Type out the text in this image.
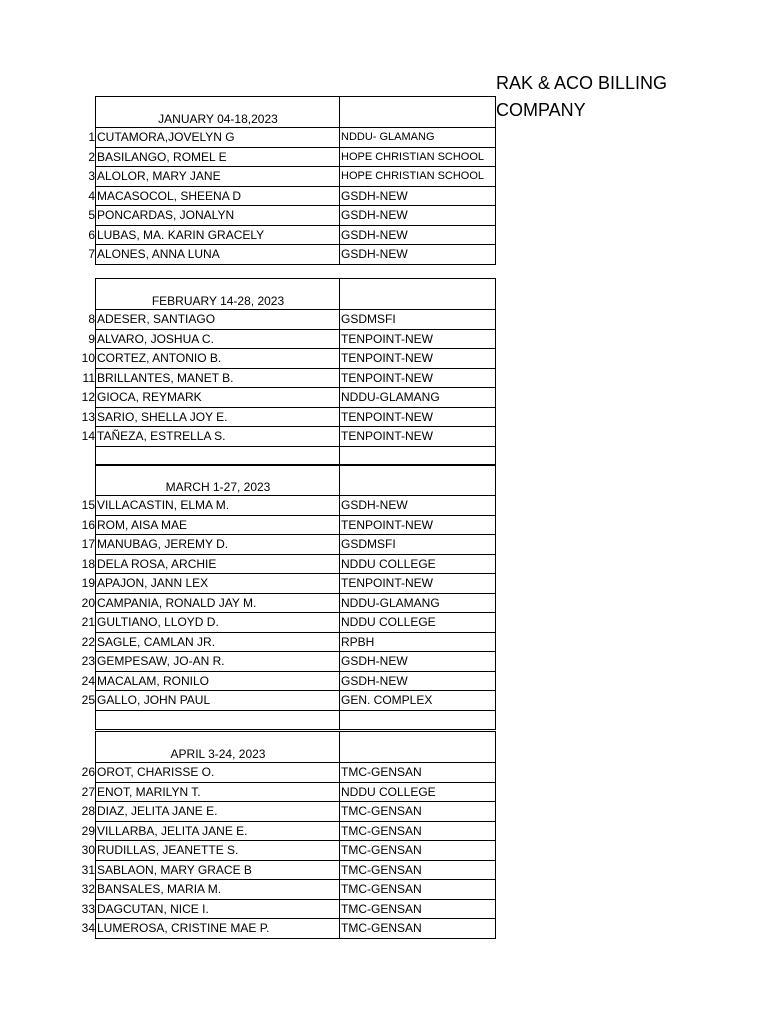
RAK & ACO BILLING
COMPANY
JANUARY 04-18,2023
1 CUTAMORA,JOVELYN G	NDDU- GLAMANG
2 BASILANGO, ROMEL E	HOPE CHRISTIAN SCHOOL
3 ALOLOR, MARY JANE	HOPE CHRISTIAN SCHOOL
4 MACASOCOL, SHEENA D	GSDH-NEW
5 PONCARDAS, JONALYN	GSDH-NEW
6 LUBAS, MA. KARIN GRACELY	GSDH-NEW
7 ALONES, ANNA LUNA	GSDH-NEW
FEBRUARY 14-28, 2023
8 ADESER, SANTIAGO	GSDMSFI
9 ALVARO, JOSHUA C.	TENPOINT-NEW
10 CORTEZ, ANTONIO B.	TENPOINT-NEW
11 BRILLANTES, MANET B.	TENPOINT-NEW
12 GIOCA, REYMARK	NDDU-GLAMANG
13 SARIO, SHELLA JOY E.	TENPOINT-NEW
14 TAÑEZA, ESTRELLA S.	TENPOINT-NEW
MARCH 1-27, 2023
15 VILLACASTIN, ELMA M.	GSDH-NEW
16 ROM, AISA MAE	TENPOINT-NEW
17 MANUBAG, JEREMY D.	GSDMSFI
18 DELA ROSA, ARCHIE	NDDU COLLEGE
19 APAJON, JANN LEX	TENPOINT-NEW
20 CAMPANIA, RONALD JAY M.	NDDU-GLAMANG
21 GULTIANO, LLOYD D.	NDDU COLLEGE
22 SAGLE, CAMLAN JR.	RPBH
23 GEMPESAW, JO-AN R.	GSDH-NEW
24 MACALAM, RONILO	GSDH-NEW
25 GALLO, JOHN PAUL	GEN. COMPLEX
APRIL 3-24, 2023
26 OROT, CHARISSE O.	TMC-GENSAN
27 ENOT, MARILYN T.	NDDU COLLEGE
28 DIAZ, JELITA JANE E.	TMC-GENSAN
29 VILLARBA, JELITA JANE E.	TMC-GENSAN
30 RUDILLAS, JEANETTE S.	TMC-GENSAN
31 SABLAON, MARY GRACE B	TMC-GENSAN
32 BANSALES, MARIA M.	TMC-GENSAN
33 DAGCUTAN, NICE I.	TMC-GENSAN
34 LUMEROSA, CRISTINE MAE P.	TMC-GENSAN
